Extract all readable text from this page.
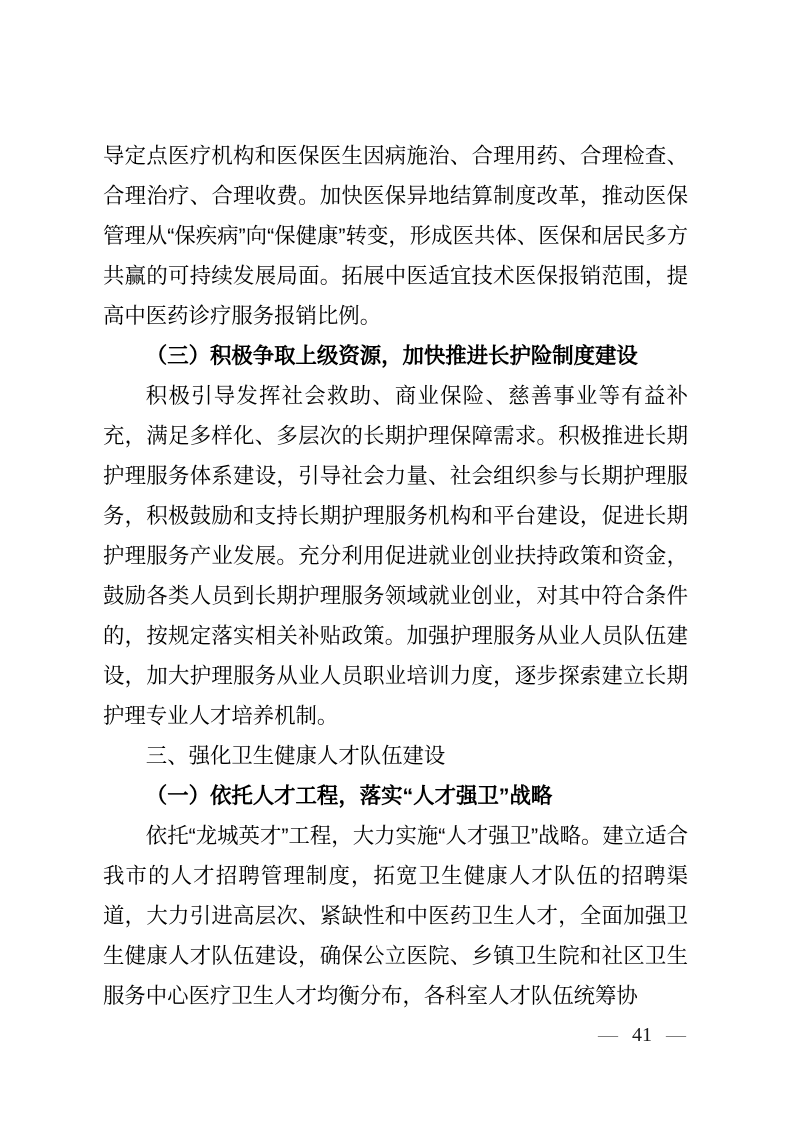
导定点医疗机构和医保医生因病施治、合理用药、合理检查、合理治疗、合理收费。加快医保异地结算制度改革，推动医保管理从“保疾病”向“保健康”转变，形成医共体、医保和居民多方共赢的可持续发展局面。拓展中医适宜技术医保报销范围，提高中医药诊疗服务报销比例。

（三）积极争取上级资源，加快推进长护险制度建设

积极引导发挥社会救助、商业保险、慈善事业等有益补充，满足多样化、多层次的长期护理保障需求。积极推进长期护理服务体系建设，引导社会力量、社会组织参与长期护理服务，积极鼓励和支持长期护理服务机构和平台建设，促进长期护理服务产业发展。充分利用促进就业创业扶持政策和资金，鼓励各类人员到长期护理服务领域就业创业，对其中符合条件的，按规定落实相关补贴政策。加强护理服务从业人员队伍建设，加大护理服务从业人员职业培训力度，逐步探索建立长期护理专业人才培养机制。

三、强化卫生健康人才队伍建设

（一）依托人才工程，落实“人才强卫”战略

依托“龙城英才”工程，大力实施“人才强卫”战略。建立适合我市的人才招聘管理制度，拓宽卫生健康人才队伍的招聘渠道，大力引进高层次、紧缺性和中医药卫生人才，全面加强卫生健康人才队伍建设，确保公立医院、乡镇卫生院和社区卫生服务中心医疗卫生人才均衡分布，各科室人才队伍统筹协

— 41 —
